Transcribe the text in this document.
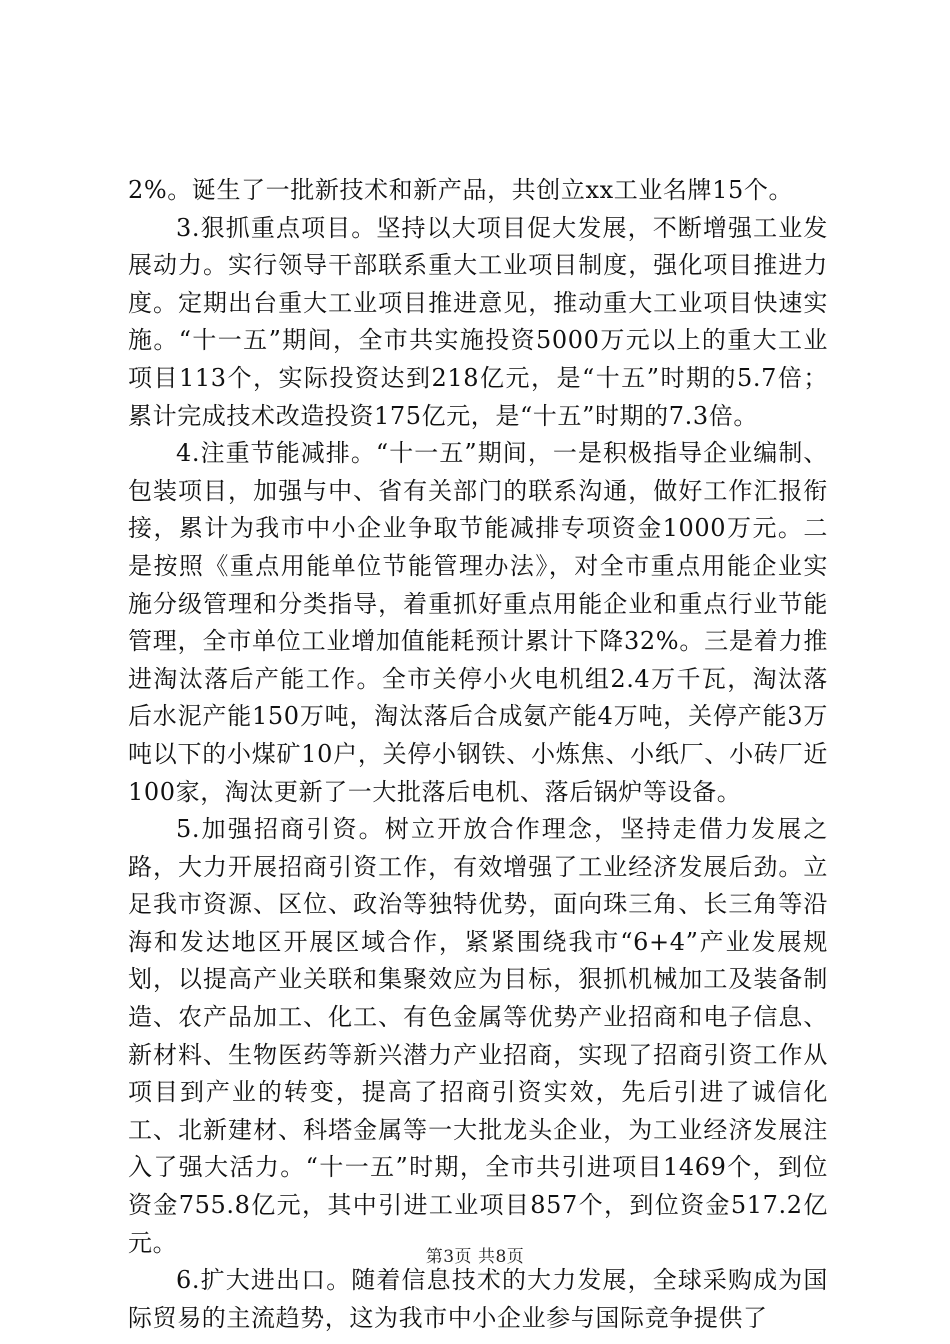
2%。诞生了一批新技术和新产品，共创立xx工业名牌15个。

3.狠抓重点项目。坚持以大项目促大发展，不断增强工业发展动力。实行领导干部联系重大工业项目制度，强化项目推进力度。定期出台重大工业项目推进意见，推动重大工业项目快速实施。“十一五”期间，全市共实施投资5000万元以上的重大工业项目113个，实际投资达到218亿元，是“十五”时期的5.7倍；累计完成技术改造投资175亿元，是“十五”时期的7.3倍。

4.注重节能减排。“十一五”期间，一是积极指导企业编制、包装项目，加强与中、省有关部门的联系沟通，做好工作汇报衔接，累计为我市中小企业争取节能减排专项资金1000万元。二是按照《重点用能单位节能管理办法》，对全市重点用能企业实施分级管理和分类指导，着重抓好重点用能企业和重点行业节能管理，全市单位工业增加值能耗预计累计下降32%。三是着力推进淘汰落后产能工作。全市关停小火电机组2.4万千瓦，淘汰落后水泥产能150万吨，淘汰落后合成氨产能4万吨，关停产能3万吨以下的小煤矿10户，关停小钢铁、小炼焦、小纸厂、小砖厂近100家，淘汰更新了一大批落后电机、落后锅炉等设备。

5.加强招商引资。树立开放合作理念，坚持走借力发展之路，大力开展招商引资工作，有效增强了工业经济发展后劲。立足我市资源、区位、政治等独特优势，面向珠三角、长三角等沿海和发达地区开展区域合作，紧紧围绕我市“6+4”产业发展规划，以提高产业关联和集聚效应为目标，狠抓机械加工及装备制造、农产品加工、化工、有色金属等优势产业招商和电子信息、新材料、生物医药等新兴潜力产业招商，实现了招商引资工作从项目到产业的转变，提高了招商引资实效，先后引进了诚信化工、北新建材、科塔金属等一大批龙头企业，为工业经济发展注入了强大活力。“十一五”时期，全市共引进项目1469个，到位资金755.8亿元，其中引进工业项目857个，到位资金517.2亿元。

6.扩大进出口。随着信息技术的大力发展，全球采购成为国际贸易的主流趋势，这为我市中小企业参与国际竞争提供了

第3页 共8页
